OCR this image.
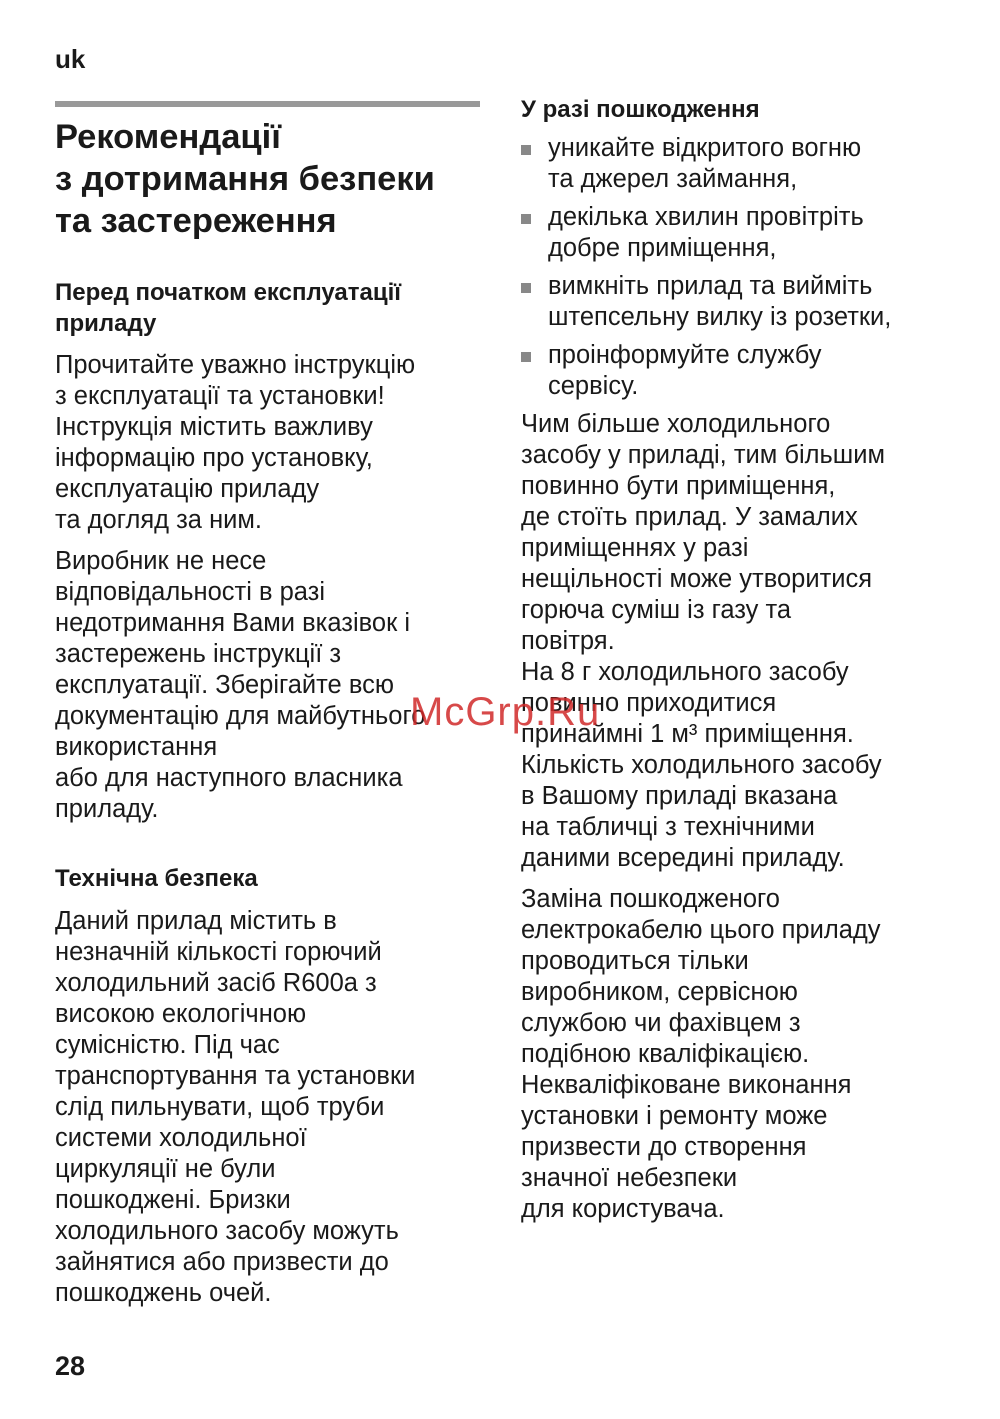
uk
Рекомендації
з дотримання безпеки
та застереження
Перед початком експлуатації
приладу

Прочитайте уважно інструкцію
з експлуатації та установки!
Інструкція містить важливу
інформацію про установку,
експлуатацію приладу
та догляд за ним.

Виробник не несе
відповідальності в разі
недотримання Вами вказівок і
застережень інструкції з
експлуатації. Зберігайте всю
документацію для майбутнього
використання
або для наступного власника
приладу.

Технічна безпека

Даний прилад містить в
незначній кількості горючий
холодильний засіб R600a з
високою екологічною
сумісністю. Під час
транспортування та установки
слід пильнувати, щоб труби
системи холодильної
циркуляції не були
пошкоджені. Бризки
холодильного засобу можуть
зайнятися або призвести до
пошкоджень очей.

У разі пошкодження
уникайте відкритого вогню
та джерел займання,
декілька хвилин провітріть
добре приміщення,
вимкніть прилад та вийміть
штепсельну вилку із розетки,
проінформуйте службу
сервісу.

Чим більше холодильного
засобу у приладі, тим більшим
повинно бути приміщення,
де стоїть прилад. У замалих
приміщеннях у разі
нещільності може утворитися
горюча суміш із газу та
повітря.

На 8 г холодильного засобу
повинно приходитися
принаймні 1 м³ приміщення.
Кількість холодильного засобу
в Вашому приладі вказана
на табличці з технічними
даними всередині приладу.

Заміна пошкодженого
електрокабелю цього приладу
проводиться тільки
виробником, сервісною
службою чи фахівцем з
подібною кваліфікацією.
Некваліфіковане виконання
установки і ремонту може
призвести до створення
значної небезпеки
для користувача.

McGrp.Ru
28
